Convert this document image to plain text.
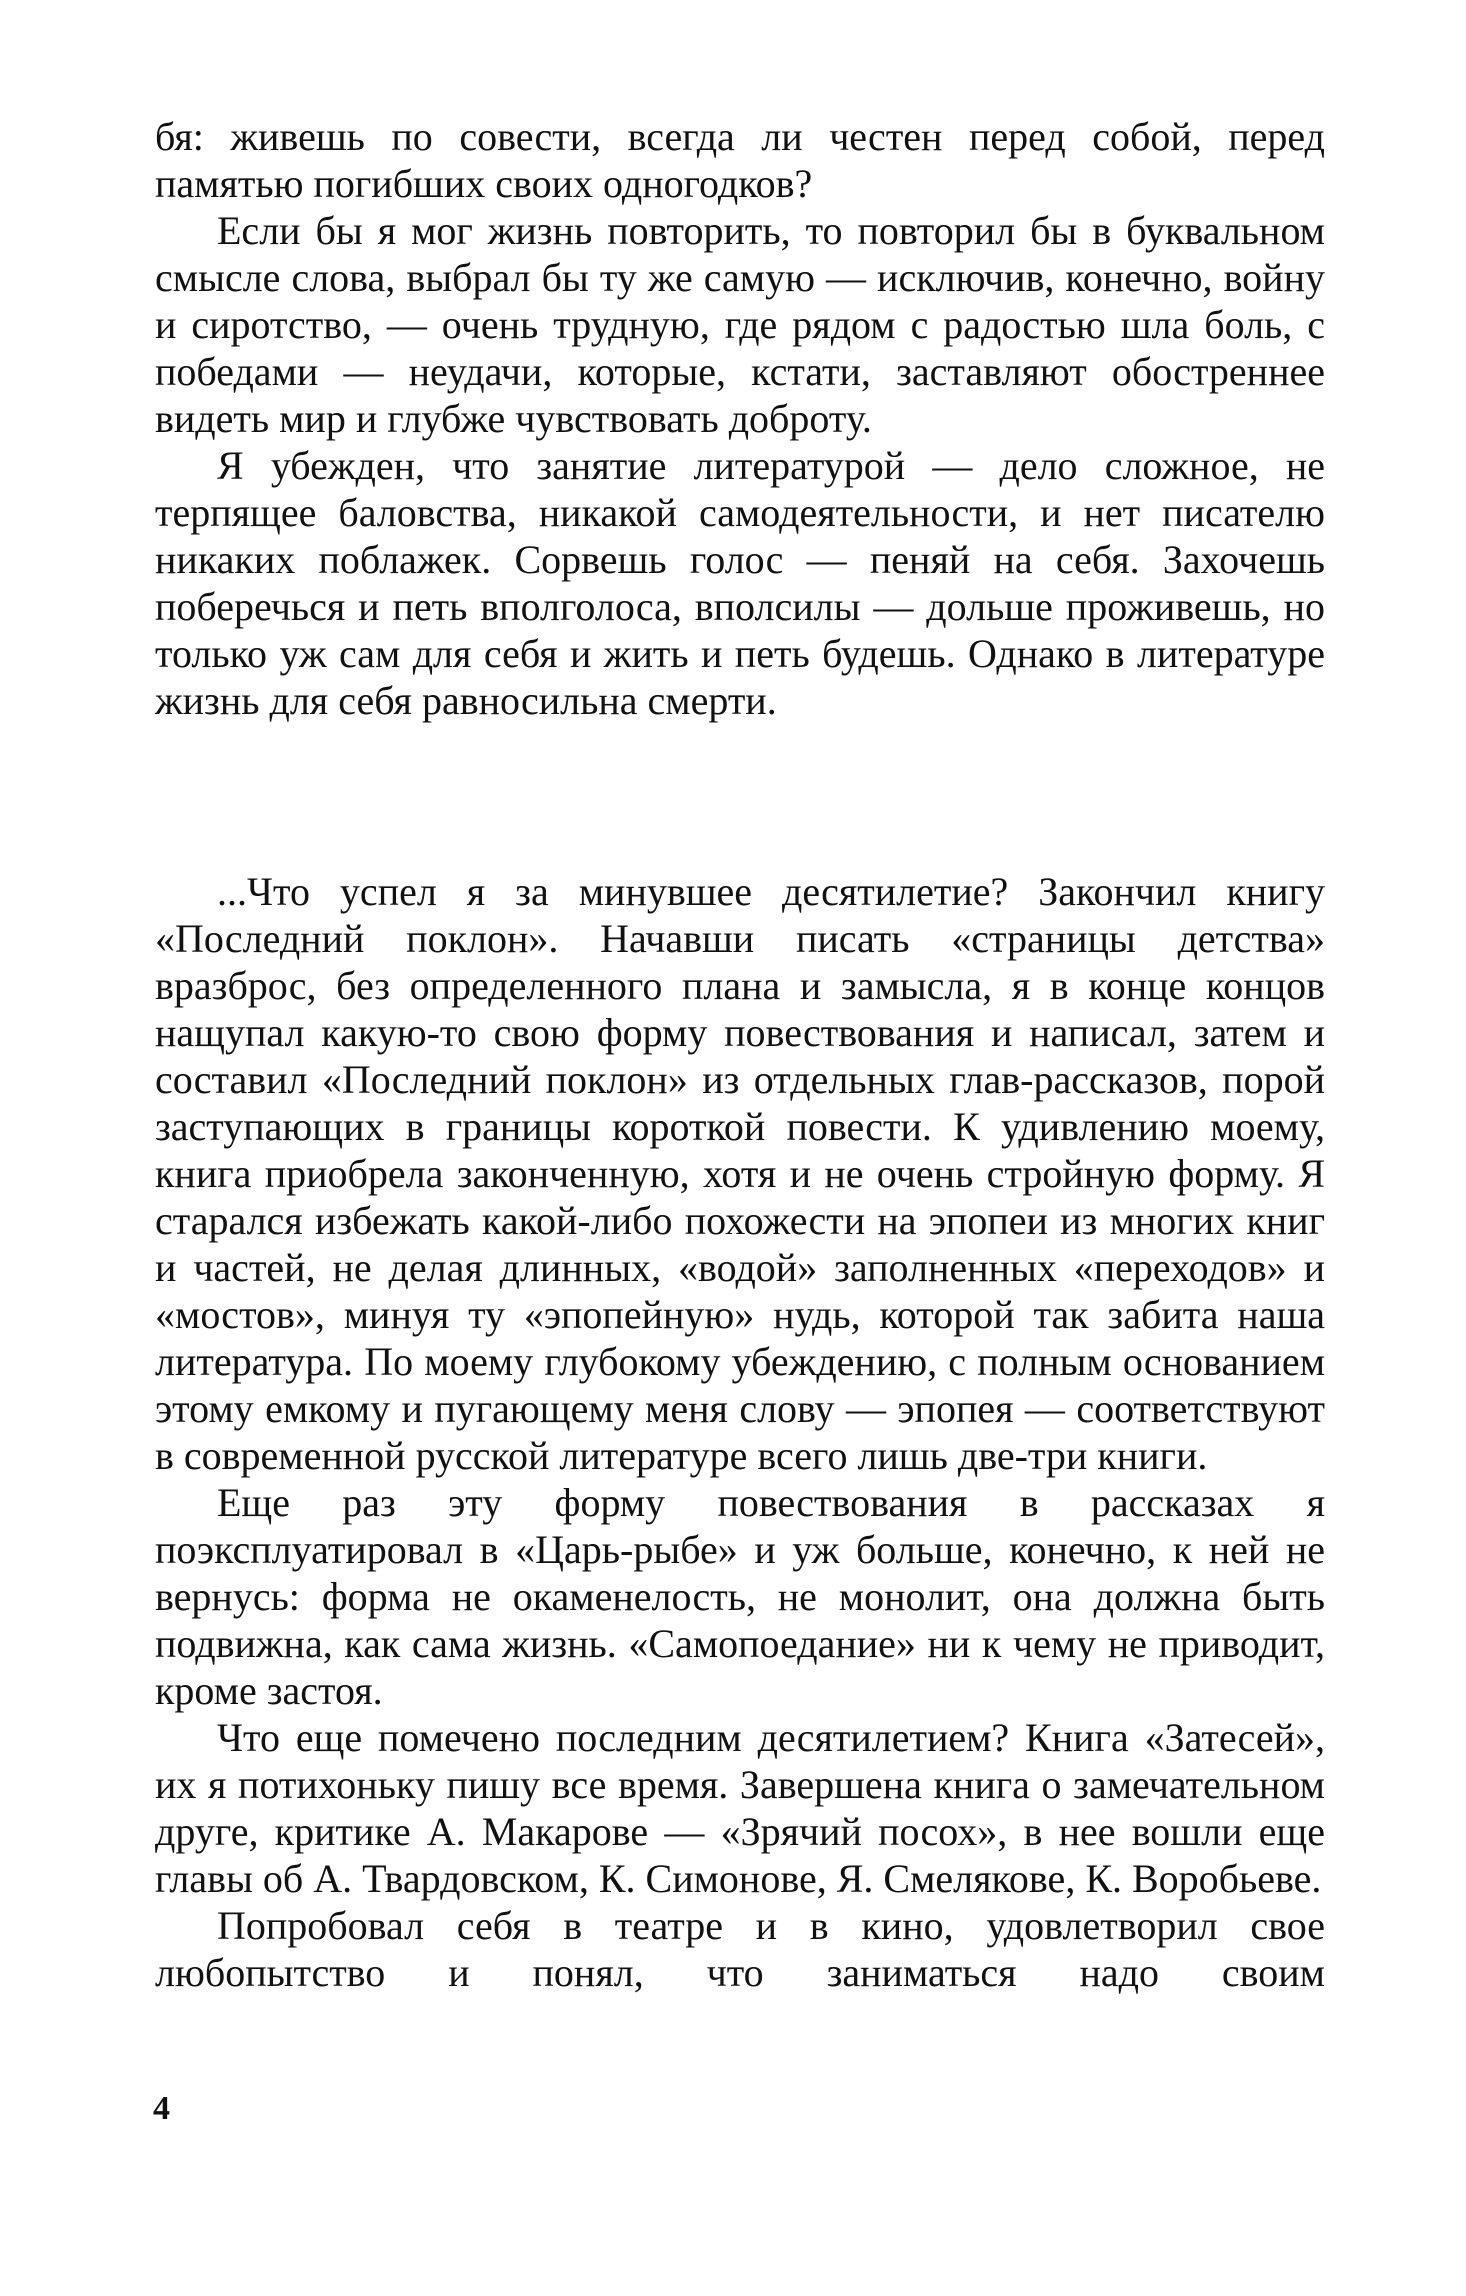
бя: живешь по совести, всегда ли честен перед собой, перед памятью погибших своих одногодков?

Если бы я мог жизнь повторить, то повторил бы в буквальном смысле слова, выбрал бы ту же самую — исключив, конечно, войну и сиротство, — очень трудную, где рядом с радостью шла боль, с победами — неудачи, которые, кстати, заставляют обостреннее видеть мир и глубже чувствовать доброту.

Я убежден, что занятие литературой — дело сложное, не терпящее баловства, никакой самодеятельности, и нет писателю никаких поблажек. Сорвешь голос — пеняй на себя. Захочешь поберечься и петь вполголоса, вполсилы — дольше проживешь, но только уж сам для себя и жить и петь будешь. Однако в литературе жизнь для себя равносильна смерти.

...Что успел я за минувшее десятилетие? Закончил книгу «Последний поклон». Начавши писать «страницы детства» вразброс, без определенного плана и замысла, я в конце концов нащупал какую-то свою форму повествования и написал, затем и составил «Последний поклон» из отдельных глав-рассказов, порой заступающих в границы короткой повести. К удивлению моему, книга приобрела законченную, хотя и не очень стройную форму. Я старался избежать какой-либо похожести на эпопеи из многих книг и частей, не делая длинных, «водой» заполненных «переходов» и «мостов», минуя ту «эпопейную» нудь, которой так забита наша литература. По моему глубокому убеждению, с полным основанием этому емкому и пугающему меня слову — эпопея — соответствуют в современной русской литературе всего лишь две-три книги.

Еще раз эту форму повествования в рассказах я поэксплуатировал в «Царь-рыбе» и уж больше, конечно, к ней не вернусь: форма не окаменелость, не монолит, она должна быть подвижна, как сама жизнь. «Самопоедание» ни к чему не приводит, кроме застоя.

Что еще помечено последним десятилетием? Книга «Затесей», их я потихоньку пишу все время. Завершена книга о замечательном друге, критике А. Макарове — «Зрячий посох», в нее вошли еще главы об А. Твардовском, К. Симонове, Я. Смелякове, К. Воробьеве.

Попробовал себя в театре и в кино, удовлетворил свое любопытство и понял, что заниматься надо своим

4
